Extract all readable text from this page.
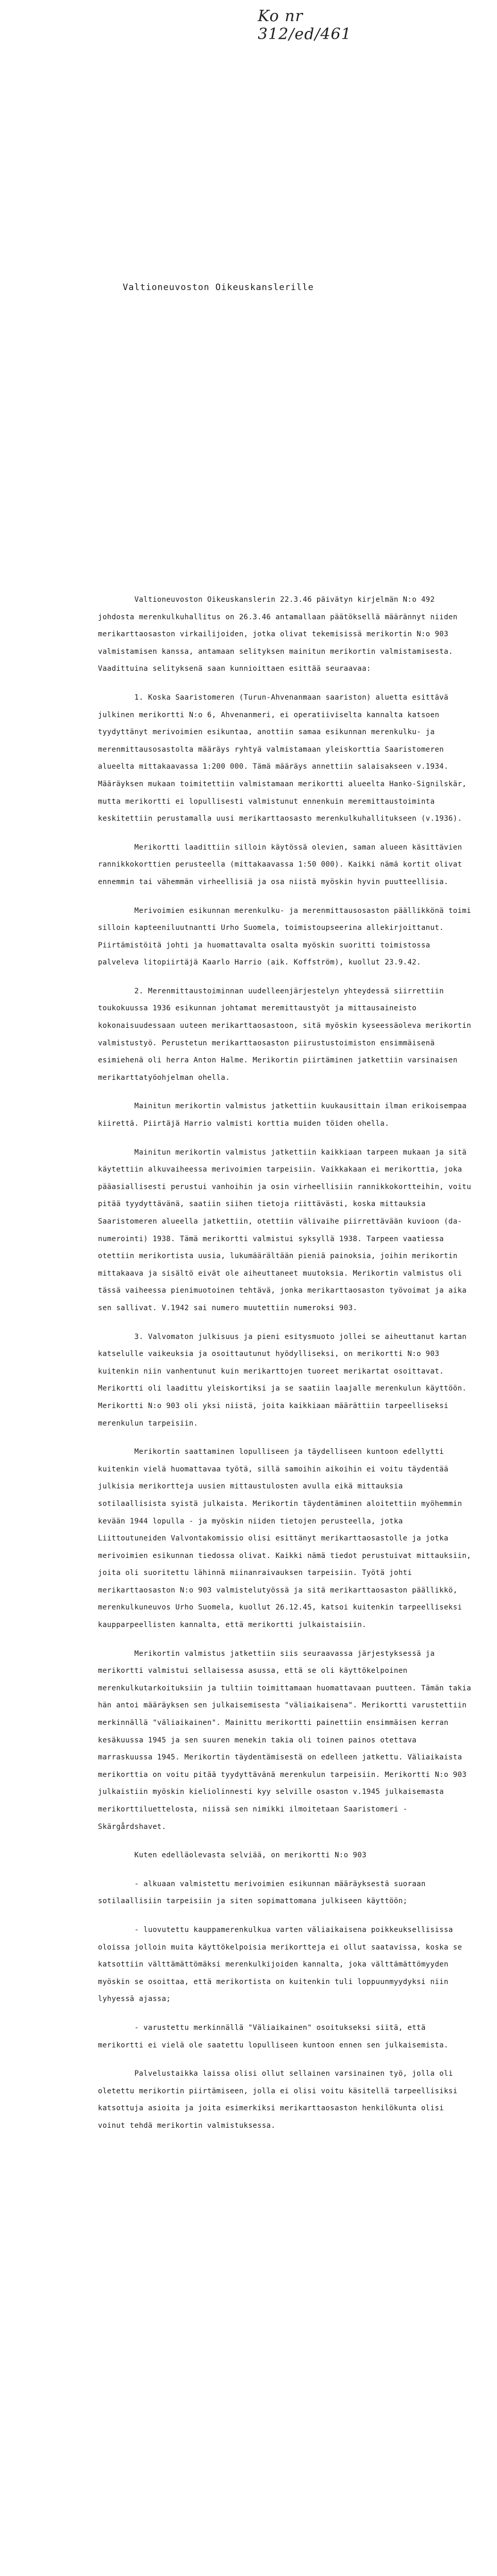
Ko nr 312/ed/461
Valtioneuvoston Oikeuskanslerille

Valtioneuvoston Oikeuskanslerin 22.3.46 päivätyn kirjelmän N:o 492 johdosta merenkulkuhallitus on 26.3.46 antamallaan päätöksellä määrännyt niiden merikarttaosaston virkailijoiden, jotka olivat tekemisissä merikortin N:o 903 valmistamisen kanssa, antamaan selityksen mainitun merikortin valmistamisesta. Vaadittuina selityksenä saan kunnioittaen esittää seuraavaa:

1. Koska Saaristomeren (Turun-Ahvenanmaan saariston) aluetta esittävä julkinen merikortti N:o 6, Ahvenanmeri, ei operatiiviselta kannalta katsoen tyydyttänyt merivoimien esikuntaa, anottiin samaa esikunnan merenkulku- ja merenmittausosastolta määräys ryhtyä valmistamaan yleiskorttia Saaristomeren alueelta mittakaavassa 1:200 000. Tämä määräys annettiin salaisakseen v.1934. Määräyksen mukaan toimitettiin valmistamaan merikortti alueelta Hanko-Signilskär, mutta merikortti ei lopullisesti valmistunut ennenkuin meremittaustoiminta keskitettiin perustamalla uusi merikarttaosasto merenkulkuhallitukseen (v.1936).

Merikortti laadittiin silloin käytössä olevien, saman alueen käsittävien rannikkokorttien perusteella (mittakaavassa 1:50 000). Kaikki nämä kortit olivat ennemmin tai vähemmän virheellisiä ja osa niistä myöskin hyvin puutteellisia.

Merivoimien esikunnan merenkulku- ja merenmittausosaston päällikkönä toimi silloin kapteeniluutnantti Urho Suomela, toimistoupseerina allekirjoittanut. Piirtämistöitä johti ja huomattavalta osalta myöskin suoritti toimistossa palveleva litopiirtäjä Kaarlo Harrio (aik. Koffström), kuollut 23.9.42.

2. Merenmittaustoiminnan uudelleenjärjestelyn yhteydessä siirrettiin toukokuussa 1936 esikunnan johtamat meremittaustyöt ja mittausaineisto kokonaisuudessaan uuteen merikarttaosastoon, sitä myöskin kyseessäoleva merikortin valmistustyö. Perustetun merikarttaosaston piirustustoimiston ensimmäisenä esimiehenä oli herra Anton Halme. Merikortin piirtäminen jatkettiin varsinaisen merikarttatyöohjelman ohella.

Mainitun merikortin valmistus jatkettiin kuukausittain ilman erikoisempaa kiirettä. Piirtäjä Harrio valmisti korttia muiden töiden ohella.

Mainitun merikortin valmistus jatkettiin kaikkiaan tarpeen mukaan ja sitä käytettiin alkuvaiheessa merivoimien tarpeisiin. Vaikkakaan ei merikorttia, joka pääasiallisesti perustui vanhoihin ja osin virheellisiin rannikkokortteihin, voitu pitää tyydyttävänä, saatiin siihen tietoja riittävästi, koska mittauksia Saaristomeren alueella jatkettiin, otettiin välivaihe piirrettävään kuvioon (da-numerointi) 1938. Tämä merikortti valmistui syksyllä 1938. Tarpeen vaatiessa otettiin merikortista uusia, lukumäärältään pieniä painoksia, joihin merikortin mittakaava ja sisältö eivät ole aiheuttaneet muutoksia. Merikortin valmistus oli tässä vaiheessa pienimuotoinen tehtävä, jonka merikarttaosaston työvoimat ja aika sen sallivat. V.1942 sai numero muutettiin numeroksi 903.

3. Valvomaton julkisuus ja pieni esitysmuoto jollei se aiheuttanut kartan katselulle vaikeuksia ja osoittautunut hyödylliseksi, on merikortti N:o 903 kuitenkin niin vanhentunut kuin merikarttojen tuoreet merikartat osoittavat. Merikortti oli laadittu yleiskortiksi ja se saatiin laajalle merenkulun käyttöön. Merikortti N:o 903 oli yksi niistä, joita kaikkiaan määrättiin tarpeelliseksi merenkulun tarpeisiin.

Merikortin saattaminen lopulliseen ja täydelliseen kuntoon edellytti kuitenkin vielä huomattavaa työtä, sillä samoihin aikoihin ei voitu täydentää julkisia merikortteja uusien mittaustulosten avulla eikä mittauksia sotilaallisista syistä julkaista. Merikortin täydentäminen aloitettiin myöhemmin kevään 1944 lopulla - ja myöskin niiden tietojen perusteella, jotka Liittoutuneiden Valvontakomissio olisi esittänyt merikarttaosastolle ja jotka merivoimien esikunnan tiedossa olivat. Kaikki nämä tiedot perustuivat mittauksiin, joita oli suoritettu lähinnä miinanraivauksen tarpeisiin. Työtä johti merikarttaosaston N:o 903 valmistelutyössä ja sitä merikarttaosaston päällikkö, merenkulkuneuvos Urho Suomela, kuollut 26.12.45, katsoi kuitenkin tarpeelliseksi kaupparpeellisten kannalta, että merikortti julkaistaisiin.

Merikortin valmistus jatkettiin siis seuraavassa järjestyksessä ja merikortti valmistui sellaisessa asussa, että se oli käyttökelpoinen merenkulkutarkoituksiin ja tultiin toimittamaan huomattavaan puutteen. Tämän takia hän antoi määräyksen sen julkaisemisesta "väliaikaisena". Merikortti varustettiin merkinnällä "väliaikainen". Mainittu merikortti painettiin ensimmäisen kerran kesäkuussa 1945 ja sen suuren menekin takia oli toinen painos otettava marraskuussa 1945. Merikortin täydentämisestä on edelleen jatkettu. Väliaikaista merikorttia on voitu pitää tyydyttävänä merenkulun tarpeisiin. Merikortti N:o 903 julkaistiin myöskin kieliolinnesti kyy selville osaston v.1945 julkaisemasta merikorttiluettelosta, niissä sen nimikki ilmoitetaan Saaristomeri - Skärgårdshavet.

Kuten edelläolevasta selviää, on merikortti N:o 903

- alkuaan valmistettu merivoimien esikunnan määräyksestä suoraan sotilaallisiin tarpeisiin ja siten sopimattomana julkiseen käyttöön;

- luovutettu kauppamerenkulkua varten väliaikaisena poikkeuksellisissa oloissa jolloin muita käyttökelpoisia merikortteja ei ollut saatavissa, koska se katsottiin välttämättömäksi merenkulkijoiden kannalta, joka välttämättömyyden myöskin se osoittaa, että merikortista on kuitenkin tuli loppuunmyydyksi niin lyhyessä ajassa;

- varustettu merkinnällä "Väliaikainen" osoitukseksi siitä, että merikortti ei vielä ole saatettu lopulliseen kuntoon ennen sen julkaisemista.

Palvelustaikka laissa olisi ollut sellainen varsinainen työ, jolla oli oletettu merikortin piirtämiseen, jolla ei olisi voitu käsitellä tarpeellisiksi katsottuja asioita ja joita esimerkiksi merikarttaosaston henkilökunta olisi voinut tehdä merikortin valmistuksessa.
